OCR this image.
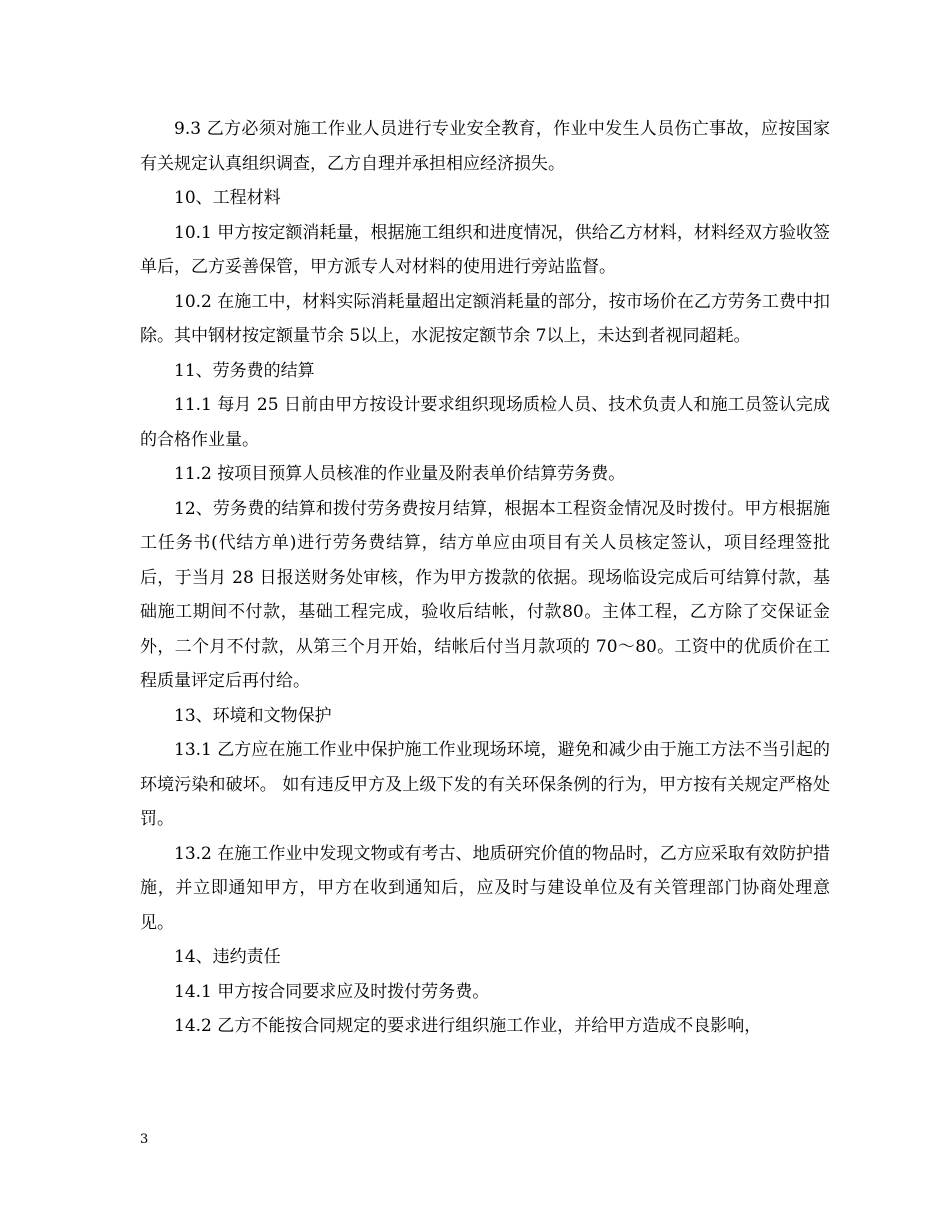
9.3 乙方必须对施工作业人员进行专业安全教育，作业中发生人员伤亡事故，应按国家有关规定认真组织调查，乙方自理并承担相应经济损失。

10、工程材料

10.1 甲方按定额消耗量，根据施工组织和进度情况，供给乙方材料，材料经双方验收签单后，乙方妥善保管，甲方派专人对材料的使用进行旁站监督。

10.2 在施工中，材料实际消耗量超出定额消耗量的部分，按市场价在乙方劳务工费中扣除。其中钢材按定额量节余 5以上，水泥按定额节余 7以上，未达到者视同超耗。

11、劳务费的结算

11.1 每月 25 日前由甲方按设计要求组织现场质检人员、技术负责人和施工员签认完成的合格作业量。

11.2 按项目预算人员核准的作业量及附表单价结算劳务费。

12、劳务费的结算和拨付劳务费按月结算，根据本工程资金情况及时拨付。甲方根据施工任务书(代结方单)进行劳务费结算，结方单应由项目有关人员核定签认，项目经理签批后，于当月 28 日报送财务处审核，作为甲方拨款的依据。现场临设完成后可结算付款，基础施工期间不付款，基础工程完成，验收后结帐，付款80。主体工程，乙方除了交保证金外，二个月不付款，从第三个月开始，结帐后付当月款项的 70～80。工资中的优质价在工程质量评定后再付给。

13、环境和文物保护

13.1 乙方应在施工作业中保护施工作业现场环境，避免和减少由于施工方法不当引起的环境污染和破坏。 如有违反甲方及上级下发的有关环保条例的行为，甲方按有关规定严格处罚。

13.2 在施工作业中发现文物或有考古、地质研究价值的物品时，乙方应采取有效防护措施，并立即通知甲方，甲方在收到通知后，应及时与建设单位及有关管理部门协商处理意见。

14、违约责任

14.1 甲方按合同要求应及时拨付劳务费。

14.2 乙方不能按合同规定的要求进行组织施工作业，并给甲方造成不良影响，

3
